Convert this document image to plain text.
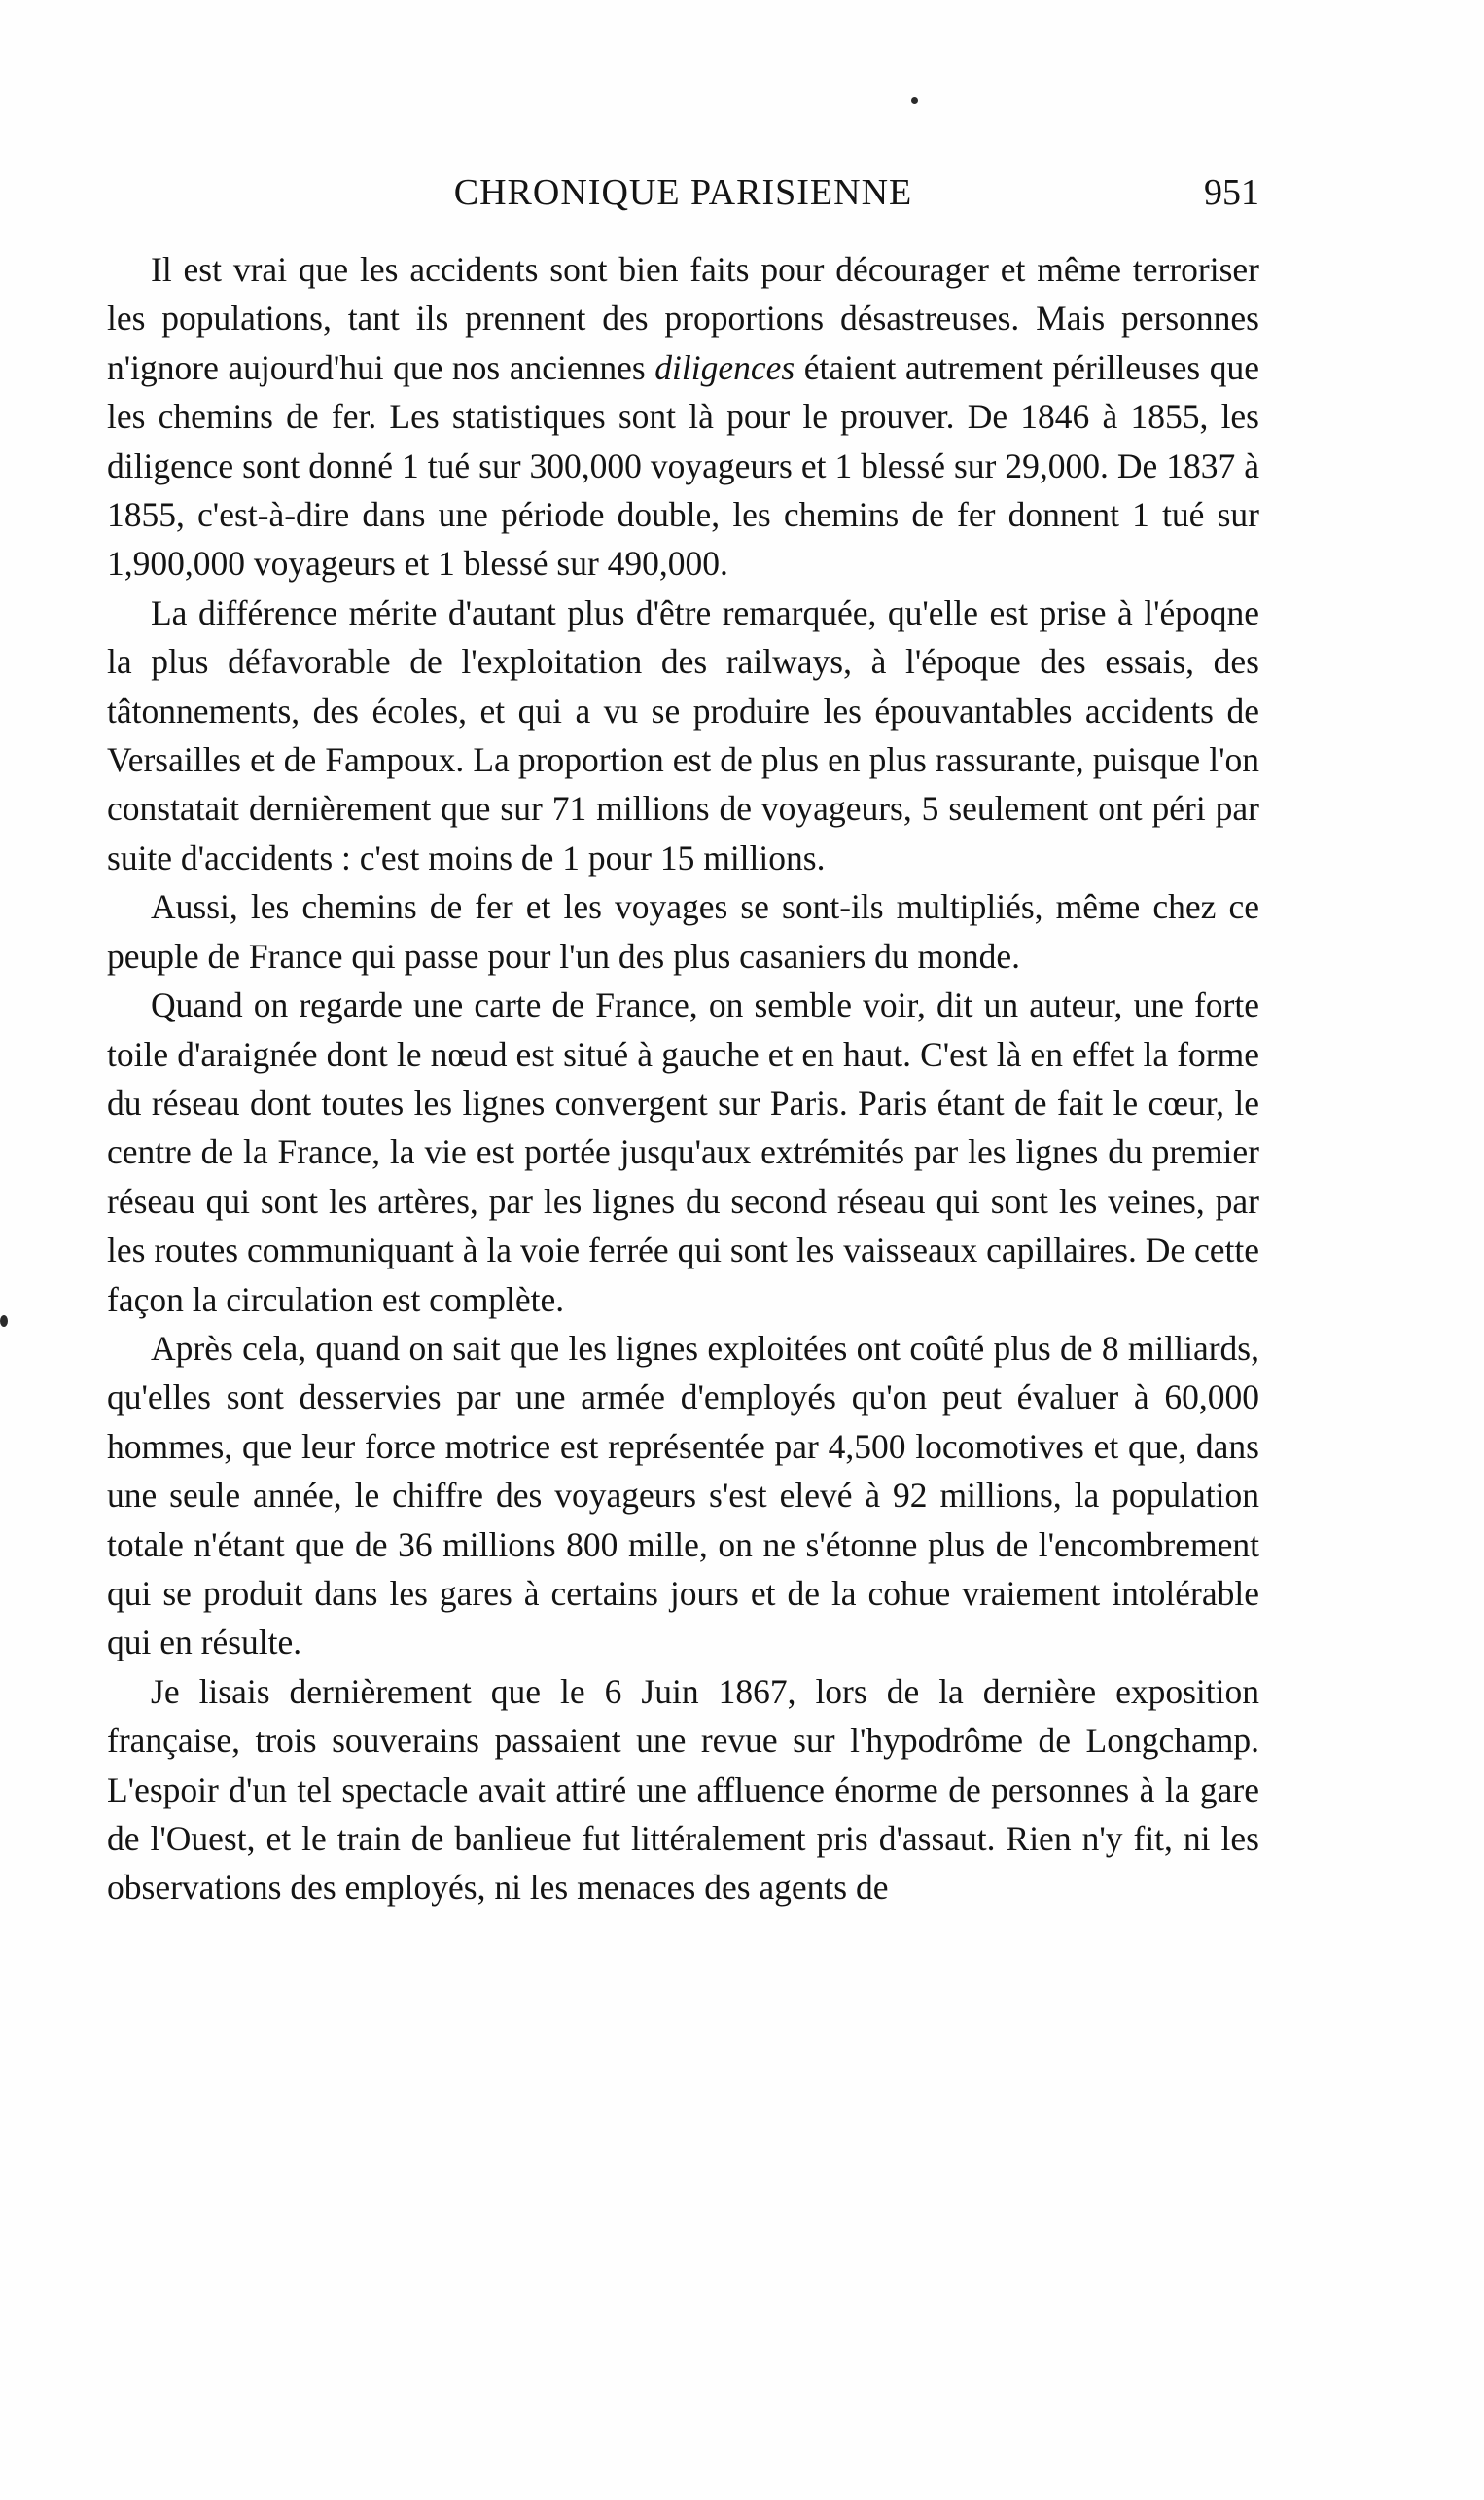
CHRONIQUE PARISIENNE	951

Il est vrai que les accidents sont bien faits pour décourager et même terroriser les populations, tant ils prennent des proportions désastreuses. Mais personnes n'ignore aujourd'hui que nos anciennes diligences étaient autrement périlleuses que les chemins de fer. Les statistiques sont là pour le prouver. De 1846 à 1855, les diligence sont donné 1 tué sur 300,000 voyageurs et 1 blessé sur 29,000. De 1837 à 1855, c'est-à-dire dans une période double, les chemins de fer donnent 1 tué sur 1,900,000 voyageurs et 1 blessé sur 490,000.

La différence mérite d'autant plus d'être remarquée, qu'elle est prise à l'époqne la plus défavorable de l'exploitation des railways, à l'époque des essais, des tâtonnements, des écoles, et qui a vu se produire les épouvantables accidents de Versailles et de Fampoux. La proportion est de plus en plus rassurante, puisque l'on constatait dernièrement que sur 71 millions de voyageurs, 5 seulement ont péri par suite d'accidents : c'est moins de 1 pour 15 millions.

Aussi, les chemins de fer et les voyages se sont-ils multipliés, même chez ce peuple de France qui passe pour l'un des plus casaniers du monde.

Quand on regarde une carte de France, on semble voir, dit un auteur, une forte toile d'araignée dont le nœud est situé à gauche et en haut. C'est là en effet la forme du réseau dont toutes les lignes convergent sur Paris. Paris étant de fait le cœur, le centre de la France, la vie est portée jusqu'aux extrémités par les lignes du premier réseau qui sont les artères, par les lignes du second réseau qui sont les veines, par les routes communiquant à la voie ferrée qui sont les vaisseaux capillaires. De cette façon la circulation est complète.

Après cela, quand on sait que les lignes exploitées ont coûté plus de 8 milliards, qu'elles sont desservies par une armée d'employés qu'on peut évaluer à 60,000 hommes, que leur force motrice est représentée par 4,500 locomotives et que, dans une seule année, le chiffre des voyageurs s'est elevé à 92 millions, la population totale n'étant que de 36 millions 800 mille, on ne s'étonne plus de l'encombrement qui se produit dans les gares à certains jours et de la cohue vraiement intolérable qui en résulte.

Je lisais dernièrement que le 6 Juin 1867, lors de la dernière exposition française, trois souverains passaient une revue sur l'hypodrôme de Longchamp. L'espoir d'un tel spectacle avait attiré une affluence énorme de personnes à la gare de l'Ouest, et le train de banlieue fut littéralement pris d'assaut. Rien n'y fit, ni les observations des employés, ni les menaces des agents de
